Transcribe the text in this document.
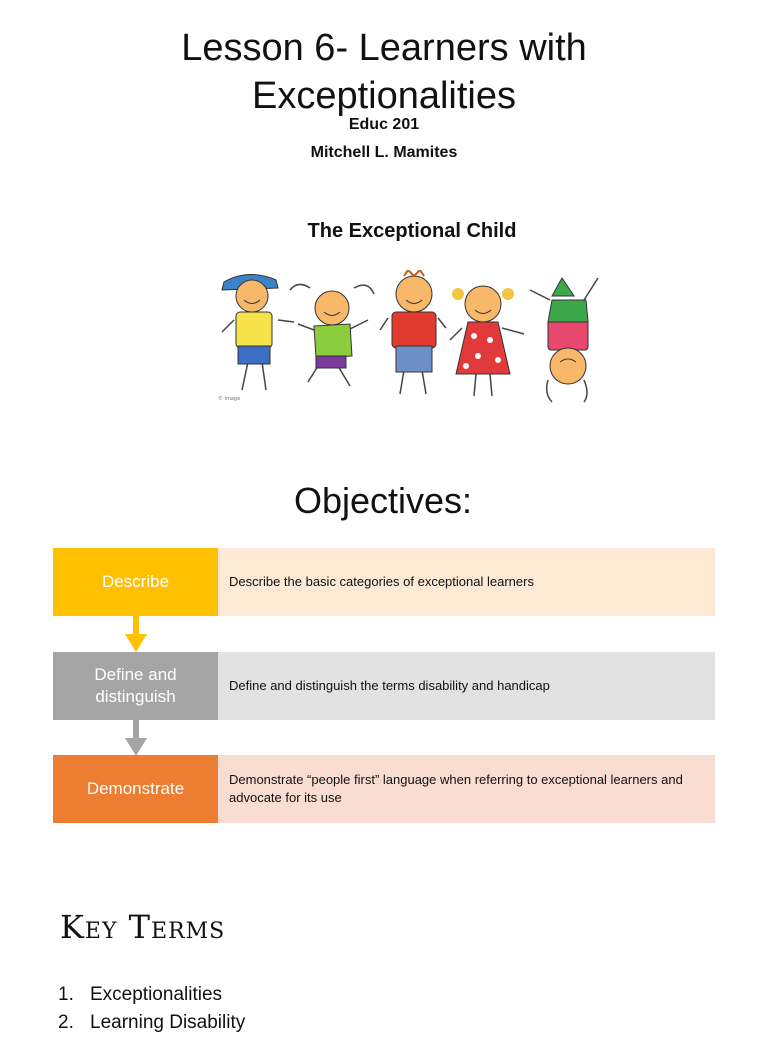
Lesson 6- Learners with
Exceptionalities
Educ 201
Mitchell L. Mamites
The Exceptional Child
© image
Objectives:
Describe	Describe the basic categories of exceptional learners
Define and distinguish
Define and distinguish the terms disability and handicap
Demonstrate	Demonstrate “people first” language when referring to exceptional learners and advocate for its use
Key Terms
1. Exceptionalities
2. Learning Disability
